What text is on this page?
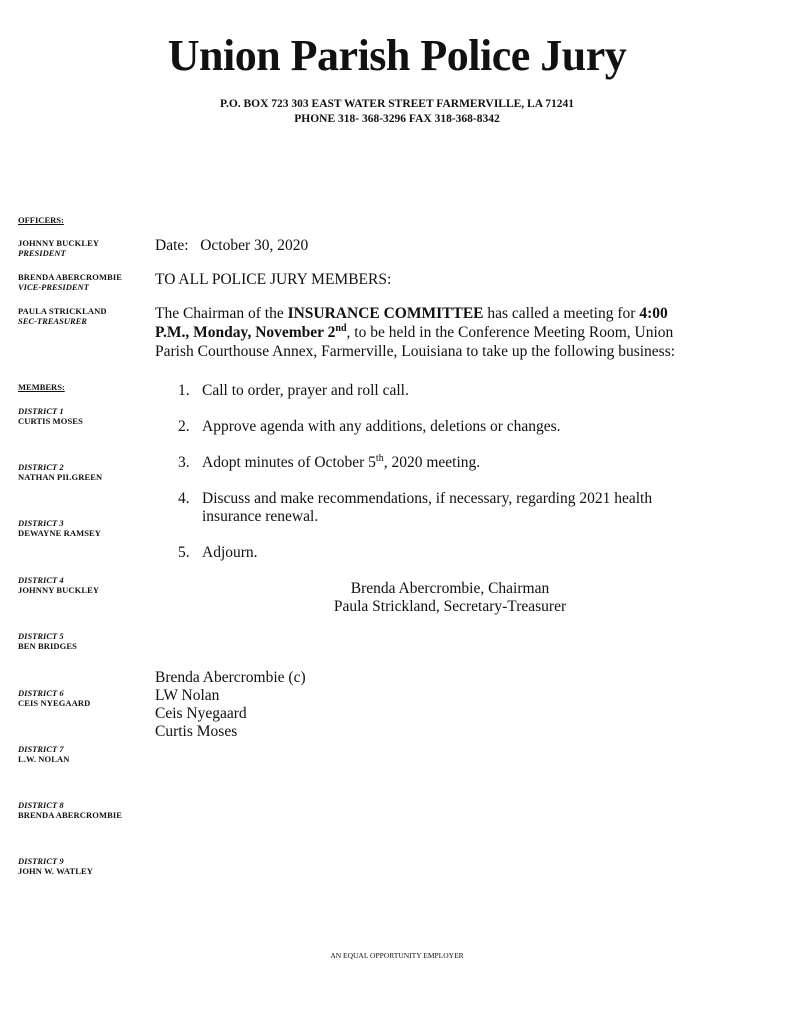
Union Parish Police Jury
P.O. BOX 723 303 EAST WATER STREET FARMERVILLE, LA 71241
PHONE 318- 368-3296 FAX 318-368-8342
OFFICERS:
JOHNNY BUCKLEY
PRESIDENT
BRENDA ABERCROMBIE
VICE-PRESIDENT
PAULA STRICKLAND
SEC-TREASURER
MEMBERS:
DISTRICT 1
CURTIS MOSES
DISTRICT 2
NATHAN PILGREEN
DISTRICT 3
DEWAYNE RAMSEY
DISTRICT 4
JOHNNY BUCKLEY
DISTRICT 5
BEN BRIDGES
DISTRICT 6
CEIS NYEGAARD
DISTRICT 7
L.W. NOLAN
DISTRICT 8
BRENDA ABERCROMBIE
DISTRICT 9
JOHN W. WATLEY
Date: October 30, 2020
TO ALL POLICE JURY MEMBERS:
The Chairman of the INSURANCE COMMITTEE has called a meeting for 4:00
P.M., Monday, November 2nd, to be held in the Conference Meeting Room, Union Parish Courthouse Annex, Farmerville, Louisiana to take up the following business:
1. Call to order, prayer and roll call.
2. Approve agenda with any additions, deletions or changes.
3. Adopt minutes of October 5th, 2020 meeting.
4. Discuss and make recommendations, if necessary, regarding 2021 health insurance renewal.
5. Adjourn.
Brenda Abercrombie, Chairman
Paula Strickland, Secretary-Treasurer
Brenda Abercrombie (c)
LW Nolan
Ceis Nyegaard
Curtis Moses
AN EQUAL OPPORTUNITY EMPLOYER
